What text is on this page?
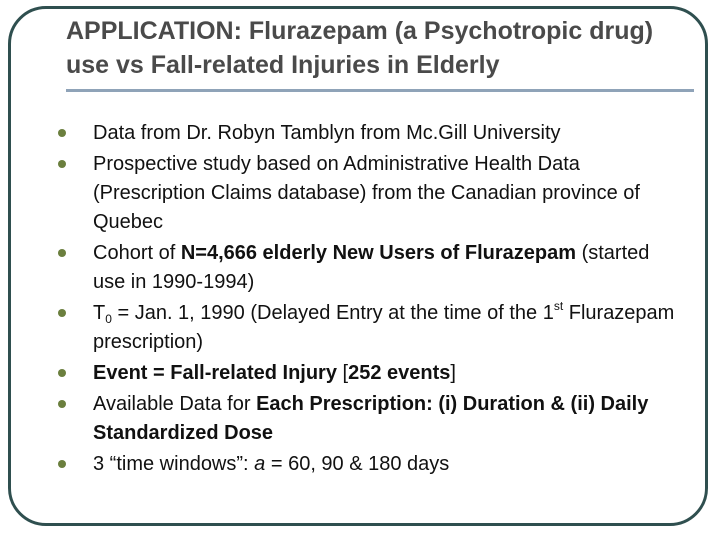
APPLICATION: Flurazepam (a Psychotropic drug) use vs Fall-related Injuries in Elderly
Data from Dr. Robyn Tamblyn from Mc.Gill University
Prospective study based on Administrative Health Data (Prescription Claims database) from the Canadian province of Quebec
Cohort of N=4,666 elderly New Users of Flurazepam (started use in 1990-1994)
$T_0$ = Jan. 1, 1990 (Delayed Entry at the time of the 1st Flurazepam prescription)
Event = Fall-related Injury [252 events]
Available Data for Each Prescription: (i) Duration & (ii) Daily Standardized Dose
3 “time windows”: a = 60, 90 & 180 days
